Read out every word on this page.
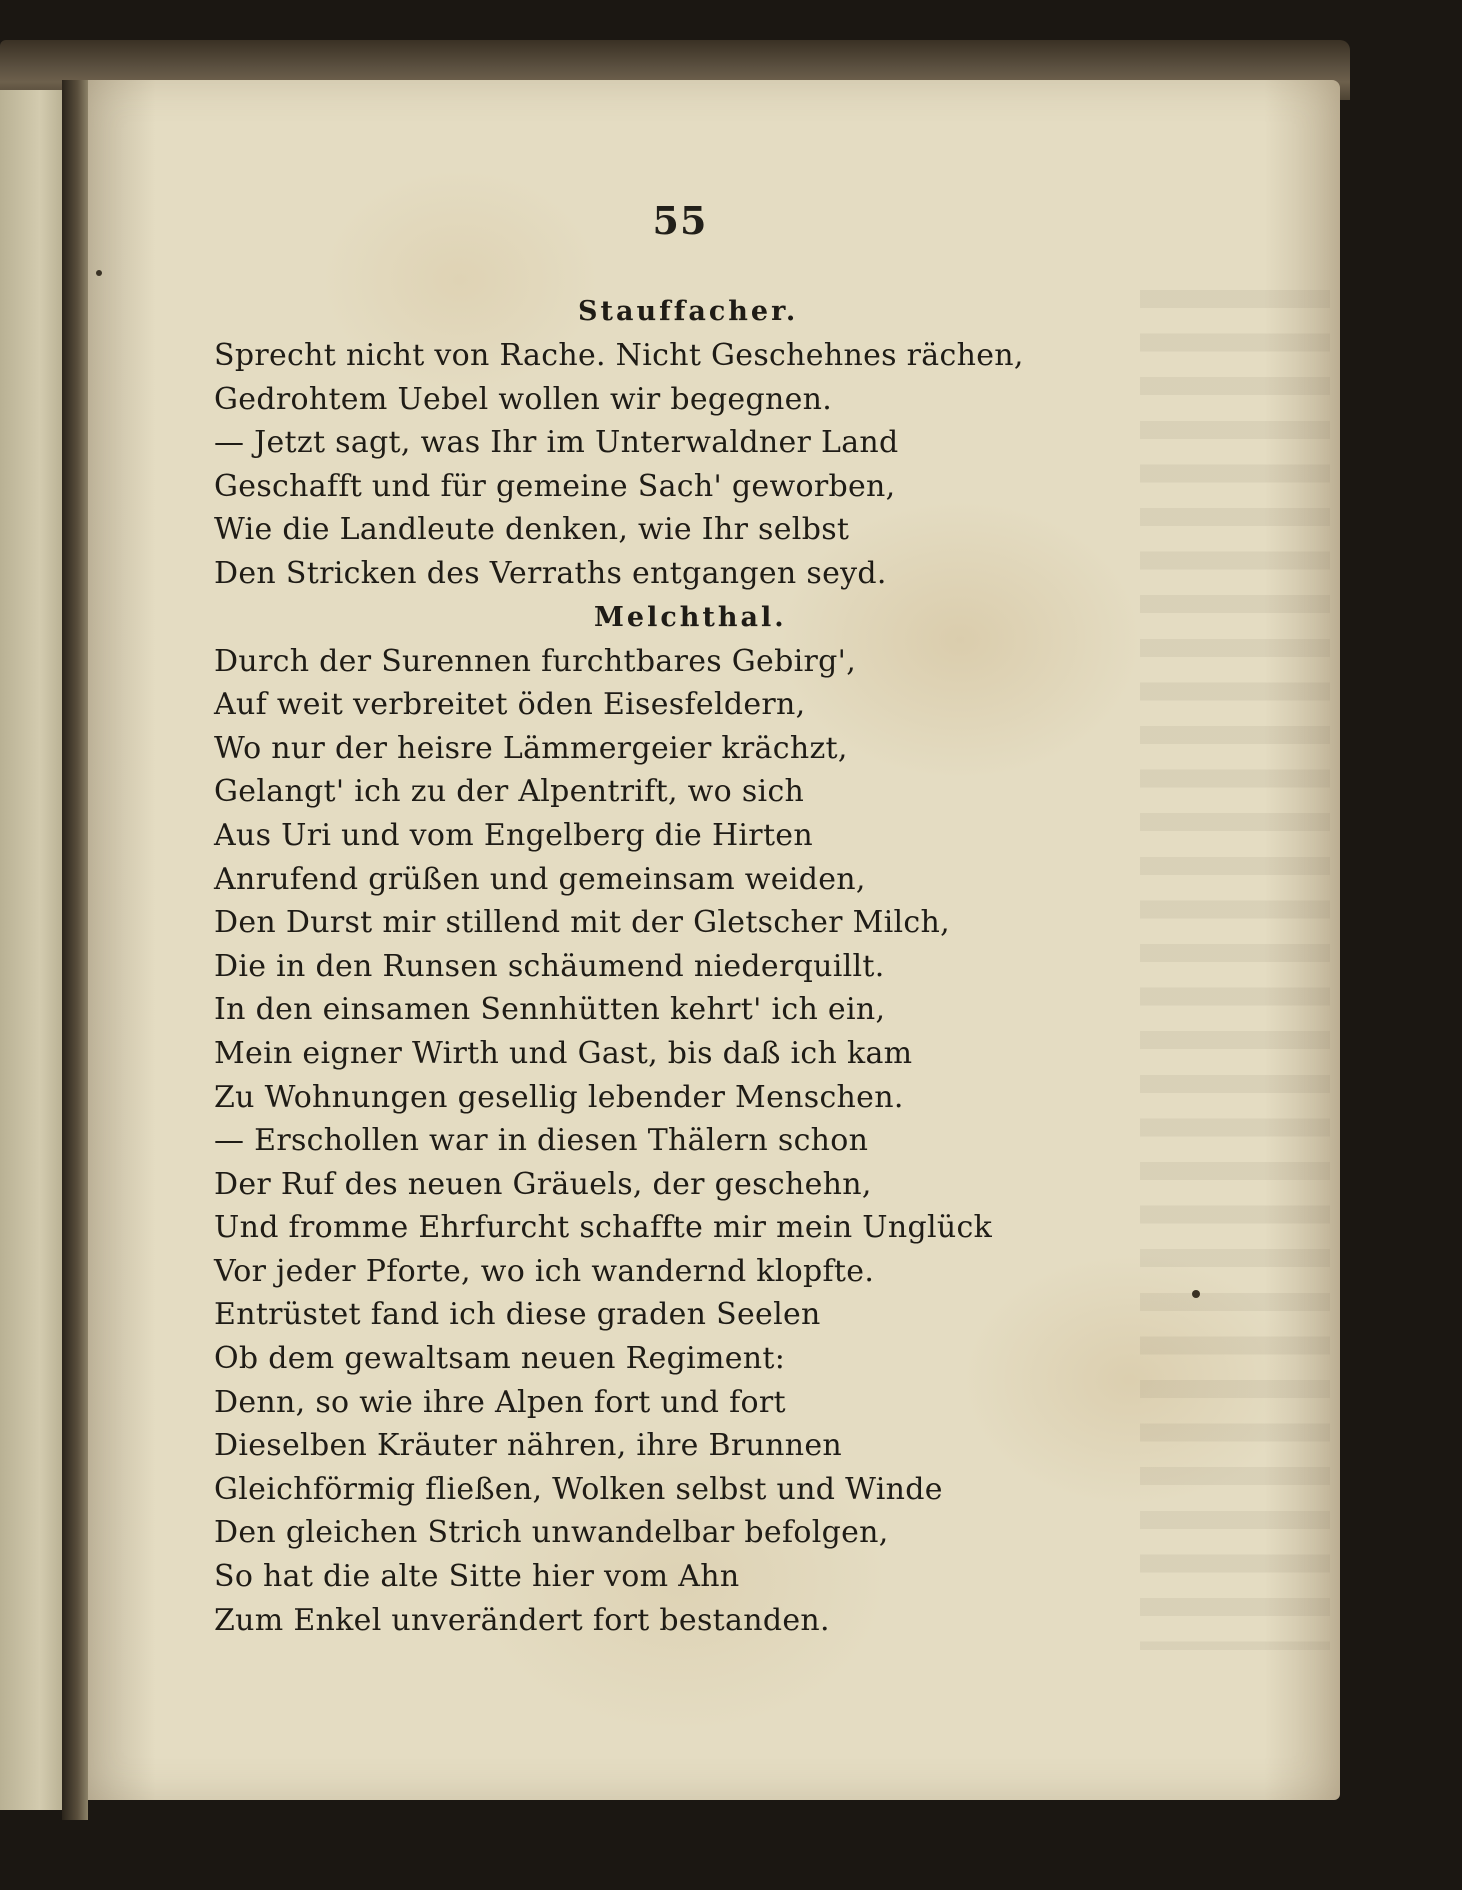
55
Stauffacher.
Sprecht nicht von Rache. Nicht Geschehnes rächen,
Gedrohtem Uebel wollen wir begegnen.
— Jetzt sagt, was Ihr im Unterwaldner Land
Geschafft und für gemeine Sach' geworben,
Wie die Landleute denken, wie Ihr selbst
Den Stricken des Verraths entgangen seyd.
Melchthal.
Durch der Surennen furchtbares Gebirg',
Auf weit verbreitet öden Eisesfeldern,
Wo nur der heisre Lämmergeier krächzt,
Gelangt' ich zu der Alpentrift, wo sich
Aus Uri und vom Engelberg die Hirten
Anrufend grüßen und gemeinsam weiden,
Den Durst mir stillend mit der Gletscher Milch,
Die in den Runsen schäumend niederquillt.
In den einsamen Sennhütten kehrt' ich ein,
Mein eigner Wirth und Gast, bis daß ich kam
Zu Wohnungen gesellig lebender Menschen.
— Erschollen war in diesen Thälern schon
Der Ruf des neuen Gräuels, der geschehn,
Und fromme Ehrfurcht schaffte mir mein Unglück
Vor jeder Pforte, wo ich wandernd klopfte.
Entrüstet fand ich diese graden Seelen
Ob dem gewaltsam neuen Regiment:
Denn, so wie ihre Alpen fort und fort
Dieselben Kräuter nähren, ihre Brunnen
Gleichförmig fließen, Wolken selbst und Winde
Den gleichen Strich unwandelbar befolgen,
So hat die alte Sitte hier vom Ahn
Zum Enkel unverändert fort bestanden.
